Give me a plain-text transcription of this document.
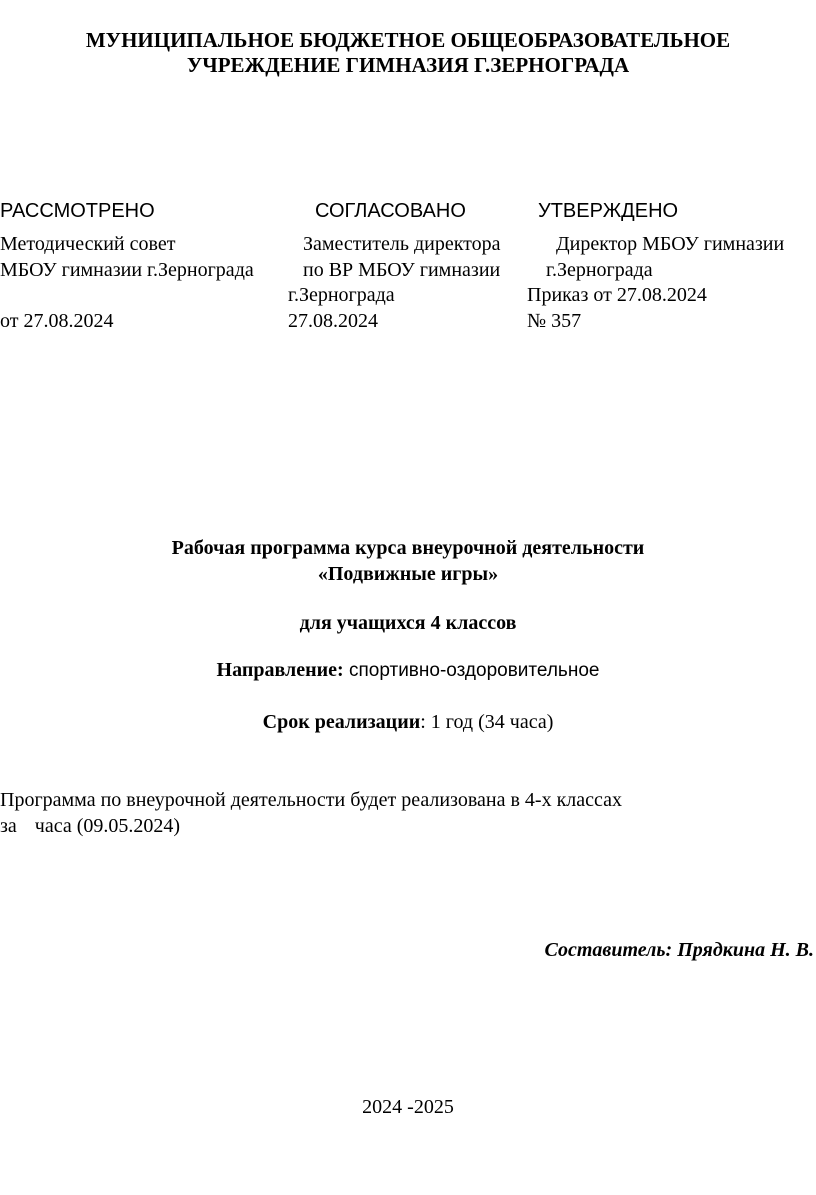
МУНИЦИПАЛЬНОЕ БЮДЖЕТНОЕ ОБЩЕОБРАЗОВАТЕЛЬНОЕ
УЧРЕЖДЕНИЕ ГИМНАЗИЯ Г.ЗЕРНОГРАДА
РАССМОТРЕНО
Методический совет
МБОУ гимназии г.Зернограда
от 27.08.2024
СОГЛАСОВАНО
Заместитель директора
по ВР МБОУ гимназии
г.Зернограда
27.08.2024
УТВЕРЖДЕНО
Директор МБОУ гимназии
г.Зернограда
Приказ от 27.08.2024
№ 357
Рабочая программа курса внеурочной деятельности
«Подвижные игры»
для учащихся 4 классов
Направление: спортивно-оздоровительное
Срок реализации: 1 год (34 часа)
Программа по внеурочной деятельности будет реализована в 4-х классах
за часа (09.05.2024)
Составитель: Прядкина Н. В.
2024 -2025
